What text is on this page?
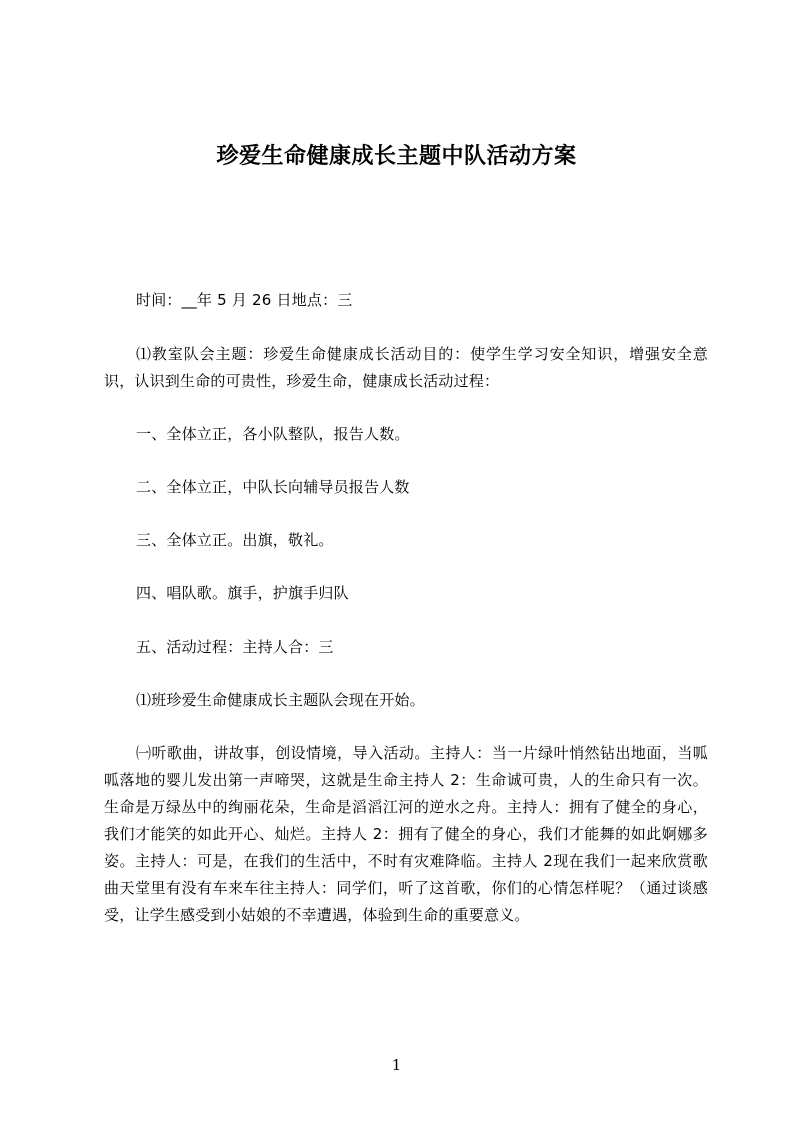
珍爱生命健康成长主题中队活动方案

时间：__年 5 月 26 日地点：三

⑴教室队会主题：珍爱生命健康成长活动目的：使学生学习安全知识，增强安全意识，认识到生命的可贵性，珍爱生命，健康成长活动过程：

一、全体立正，各小队整队，报告人数。

二、全体立正，中队长向辅导员报告人数

三、全体立正。出旗，敬礼。

四、唱队歌。旗手，护旗手归队

五、活动过程：主持人合：三

⑴班珍爱生命健康成长主题队会现在开始。

㈠听歌曲，讲故事，创设情境，导入活动。主持人：当一片绿叶悄然钻出地面，当呱呱落地的婴儿发出第一声啼哭，这就是生命主持人 2：生命诚可贵，人的生命只有一次。生命是万绿丛中的绚丽花朵，生命是滔滔江河的逆水之舟。主持人：拥有了健全的身心，我们才能笑的如此开心、灿烂。主持人 2：拥有了健全的身心，我们才能舞的如此婀娜多姿。主持人：可是，在我们的生活中，不时有灾难降临。主持人 2现在我们一起来欣赏歌曲天堂里有没有车来车往主持人：同学们，听了这首歌，你们的心情怎样呢？（通过谈感受，让学生感受到小姑娘的不幸遭遇，体验到生命的重要意义。

1
